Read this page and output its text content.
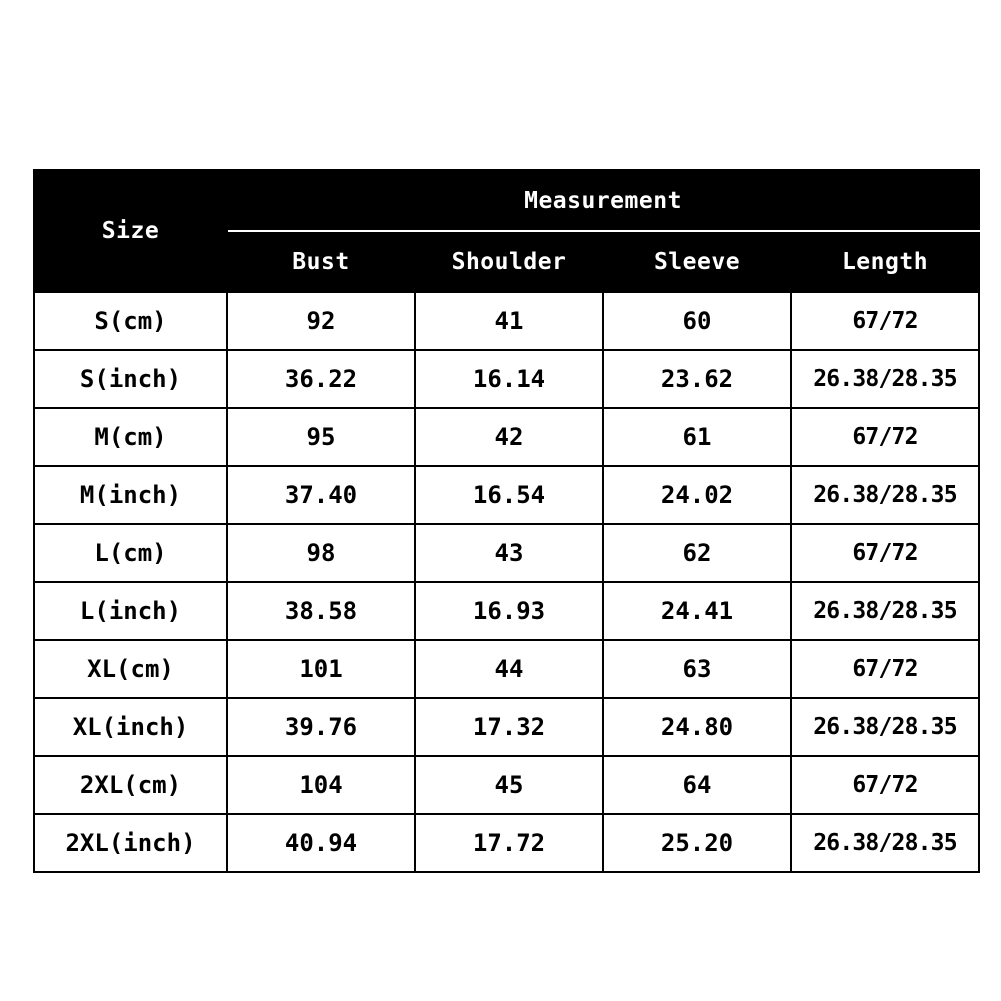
Size	Measurement			
	Bust	Shoulder	Sleeve	Length
S(cm)	92	41	60	67/72
S(inch)	36.22	16.14	23.62	26.38/28.35
M(cm)	95	42	61	67/72
M(inch)	37.40	16.54	24.02	26.38/28.35
L(cm)	98	43	62	67/72
L(inch)	38.58	16.93	24.41	26.38/28.35
XL(cm)	101	44	63	67/72
XL(inch)	39.76	17.32	24.80	26.38/28.35
2XL(cm)	104	45	64	67/72
2XL(inch)	40.94	17.72	25.20	26.38/28.35
